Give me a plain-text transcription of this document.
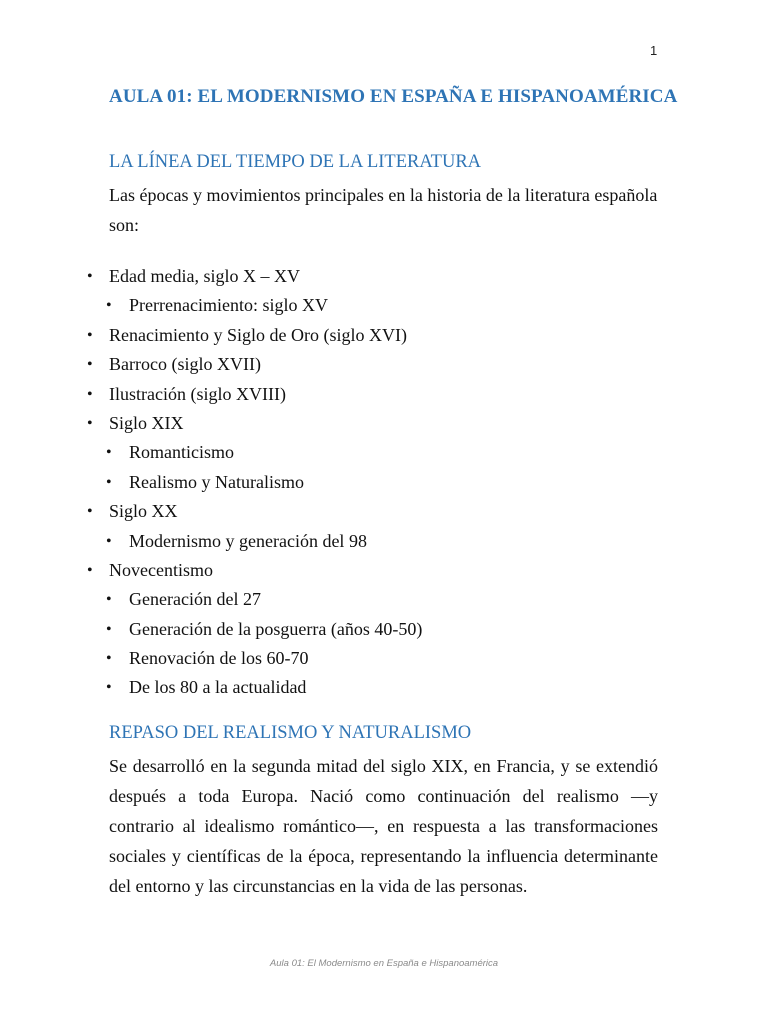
1
AULA 01: EL MODERNISMO EN ESPAÑA E HISPANOAMÉRICA
LA LÍNEA DEL TIEMPO DE LA LITERATURA

Las épocas y movimientos principales en la historia de la literatura española son:

• Edad media, siglo X – XV
• Prerrenacimiento: siglo XV
• Renacimiento y Siglo de Oro (siglo XVI)
• Barroco (siglo XVII)
• Ilustración (siglo XVIII)
• Siglo XIX
• Romanticismo
• Realismo y Naturalismo
• Siglo XX
• Modernismo y generación del 98
• Novecentismo
• Generación del 27
• Generación de la posguerra (años 40-50)
• Renovación de los 60-70
• De los 80 a la actualidad
REPASO DEL REALISMO Y NATURALISMO

Se desarrolló en la segunda mitad del siglo XIX, en Francia, y se extendió después a toda Europa. Nació como continuación del realismo —y contrario al idealismo romántico—, en respuesta a las transformaciones sociales y científicas de la época, representando la influencia determinante del entorno y las circunstancias en la vida de las personas.

Aula 01: El Modernismo en España e Hispanoamérica
